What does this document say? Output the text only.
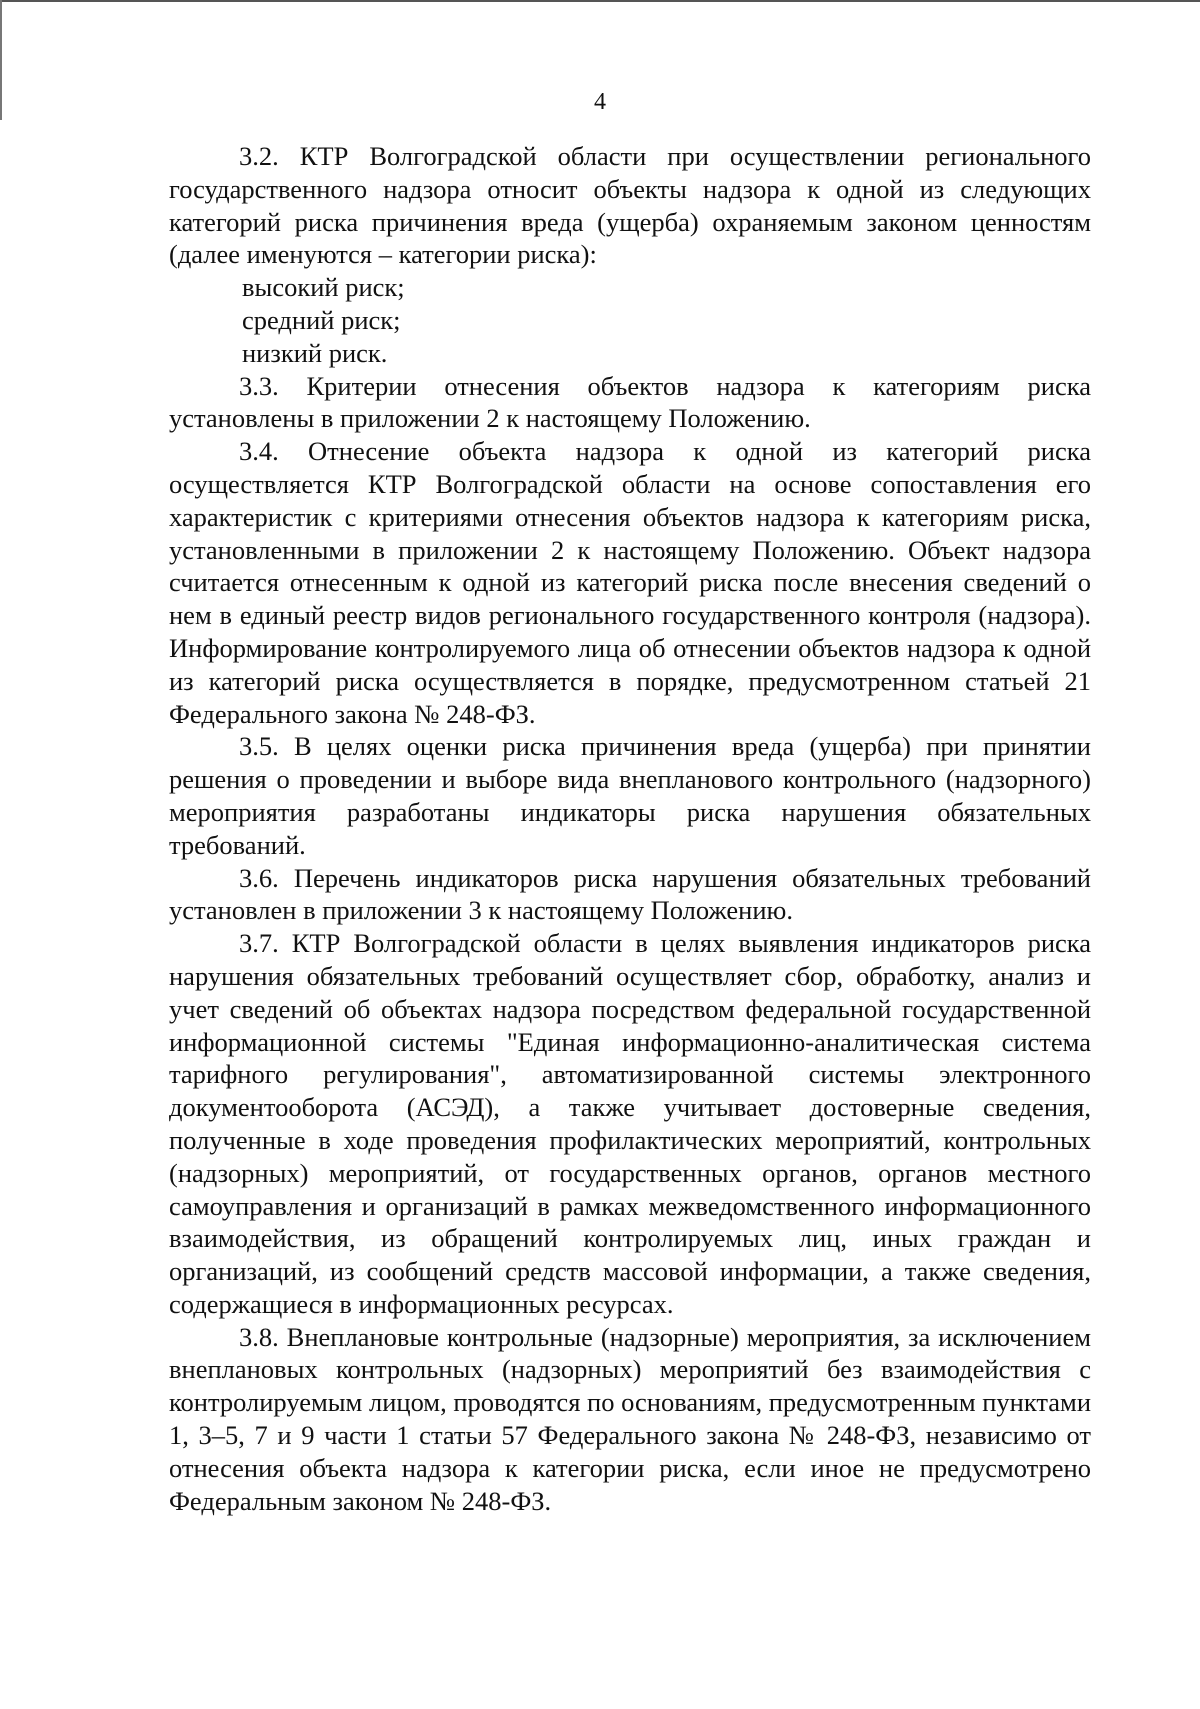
4

3.2. КТР Волгоградской области при осуществлении регионального государственного надзора относит объекты надзора к одной из следующих категорий риска причинения вреда (ущерба) охраняемым законом ценностям (далее именуются – категории риска):

высокий риск;

средний риск;

низкий риск.

3.3. Критерии отнесения объектов надзора к категориям риска установлены в приложении 2 к настоящему Положению.

3.4. Отнесение объекта надзора к одной из категорий риска осуществляется КТР Волгоградской области на основе сопоставления его характеристик с критериями отнесения объектов надзора к категориям риска, установленными в приложении 2 к настоящему Положению. Объект надзора считается отнесенным к одной из категорий риска после внесения сведений о нем в единый реестр видов регионального государственного контроля (надзора). Информирование контролируемого лица об отнесении объектов надзора к одной из категорий риска осуществляется в порядке, предусмотренном статьей 21 Федерального закона № 248-ФЗ.

3.5. В целях оценки риска причинения вреда (ущерба) при принятии решения о проведении и выборе вида внепланового контрольного (надзорного) мероприятия разработаны индикаторы риска нарушения обязательных требований.

3.6. Перечень индикаторов риска нарушения обязательных требований установлен в приложении 3 к настоящему Положению.

3.7. КТР Волгоградской области в целях выявления индикаторов риска нарушения обязательных требований осуществляет сбор, обработку, анализ и учет сведений об объектах надзора посредством федеральной государственной информационной системы "Единая информационно-аналитическая система тарифного регулирования", автоматизированной системы электронного документооборота (АСЭД), а также учитывает достоверные сведения, полученные в ходе проведения профилактических мероприятий, контрольных (надзорных) мероприятий, от государственных органов, органов местного самоуправления и организаций в рамках межведомственного информационного взаимодействия, из обращений контролируемых лиц, иных граждан и организаций, из сообщений средств массовой информации, а также сведения, содержащиеся в информационных ресурсах.

3.8. Внеплановые контрольные (надзорные) мероприятия, за исключением внеплановых контрольных (надзорных) мероприятий без взаимодействия с контролируемым лицом, проводятся по основаниям, предусмотренным пунктами 1, 3–5, 7 и 9 части 1 статьи 57 Федерального закона № 248-ФЗ, независимо от отнесения объекта надзора к категории риска, если иное не предусмотрено Федеральным законом № 248-ФЗ.
